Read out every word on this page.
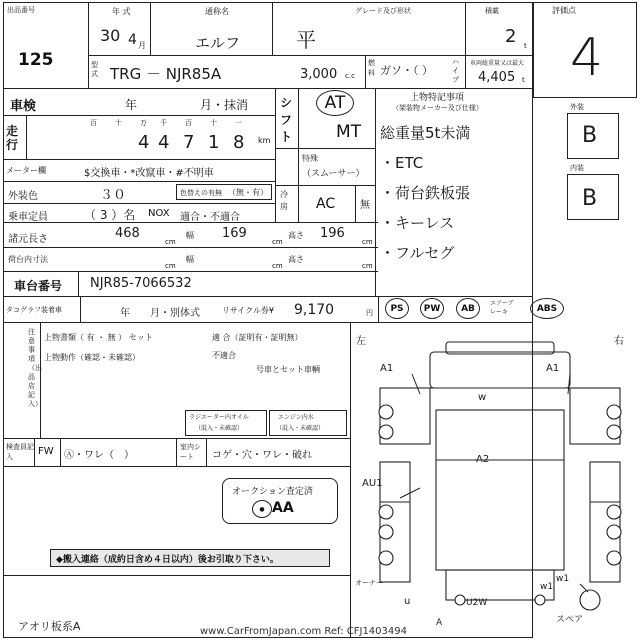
出品番号
125
年 式
30 4 月
通称名
エルフ
グレード及び形状
平
積載
2 t
評価点
4
型式 TRG － NJR85A	3,000 c.c
燃料 ガソ・（ ）
ハイブ
車両総重量又は最大
4,405 t
車検	年	月・抹消
走行
百	十	万 千	百	十	一
4 4 7 1 8 km
メーター欄	$交換車・*改竄車・#不明車
外装色	３０	色替えの有無 （無・有）
乗車定員	（ 3 ）名 NOX 適合・不適合
諸元長さ	468
cm
幅 169
cm
高さ 196
cm
荷台内寸法
cm
幅
cm
高さ
cm
車台番号 NJR85-7066532
タコグラフ装着車	年 月・別体式	リサイクル券¥ 9,170	円	PS	PW	AB	エアーブレーキ	ABS
シフト
AT
MT
特殊
（スムーサー）
冷房 AC 無
上物特記事項
（架装物メーカー及び仕様）
総重量5t未満
・ETC
・荷台鉄板張
・キーレス
・フルセグ
外装
B
内装
B
注意事項（出品店記入）
上物書類（ 有 ・ 無 ） セット
上物動作（確認・未確認）
適 合（証明有・証明無）
不適合
号車とセット車輌
ラジエーター内オイル
（混入・未確認）
エンジン内水
（混入・未確認）
検査員記入	FW Ⓐ・ワレ（　）
室内シート	コゲ・穴・ワレ・破れ
オークション査定済
● AA
◆搬入連絡（成約日含め４日以内）後お引取り下さい。
アオリ板系A
左	右
A1	A1
w
A2
AU1
u	U2W
w1
w1
スペア
A
オーナー
www.CarFromJapan.com Ref: CFJ1403494
